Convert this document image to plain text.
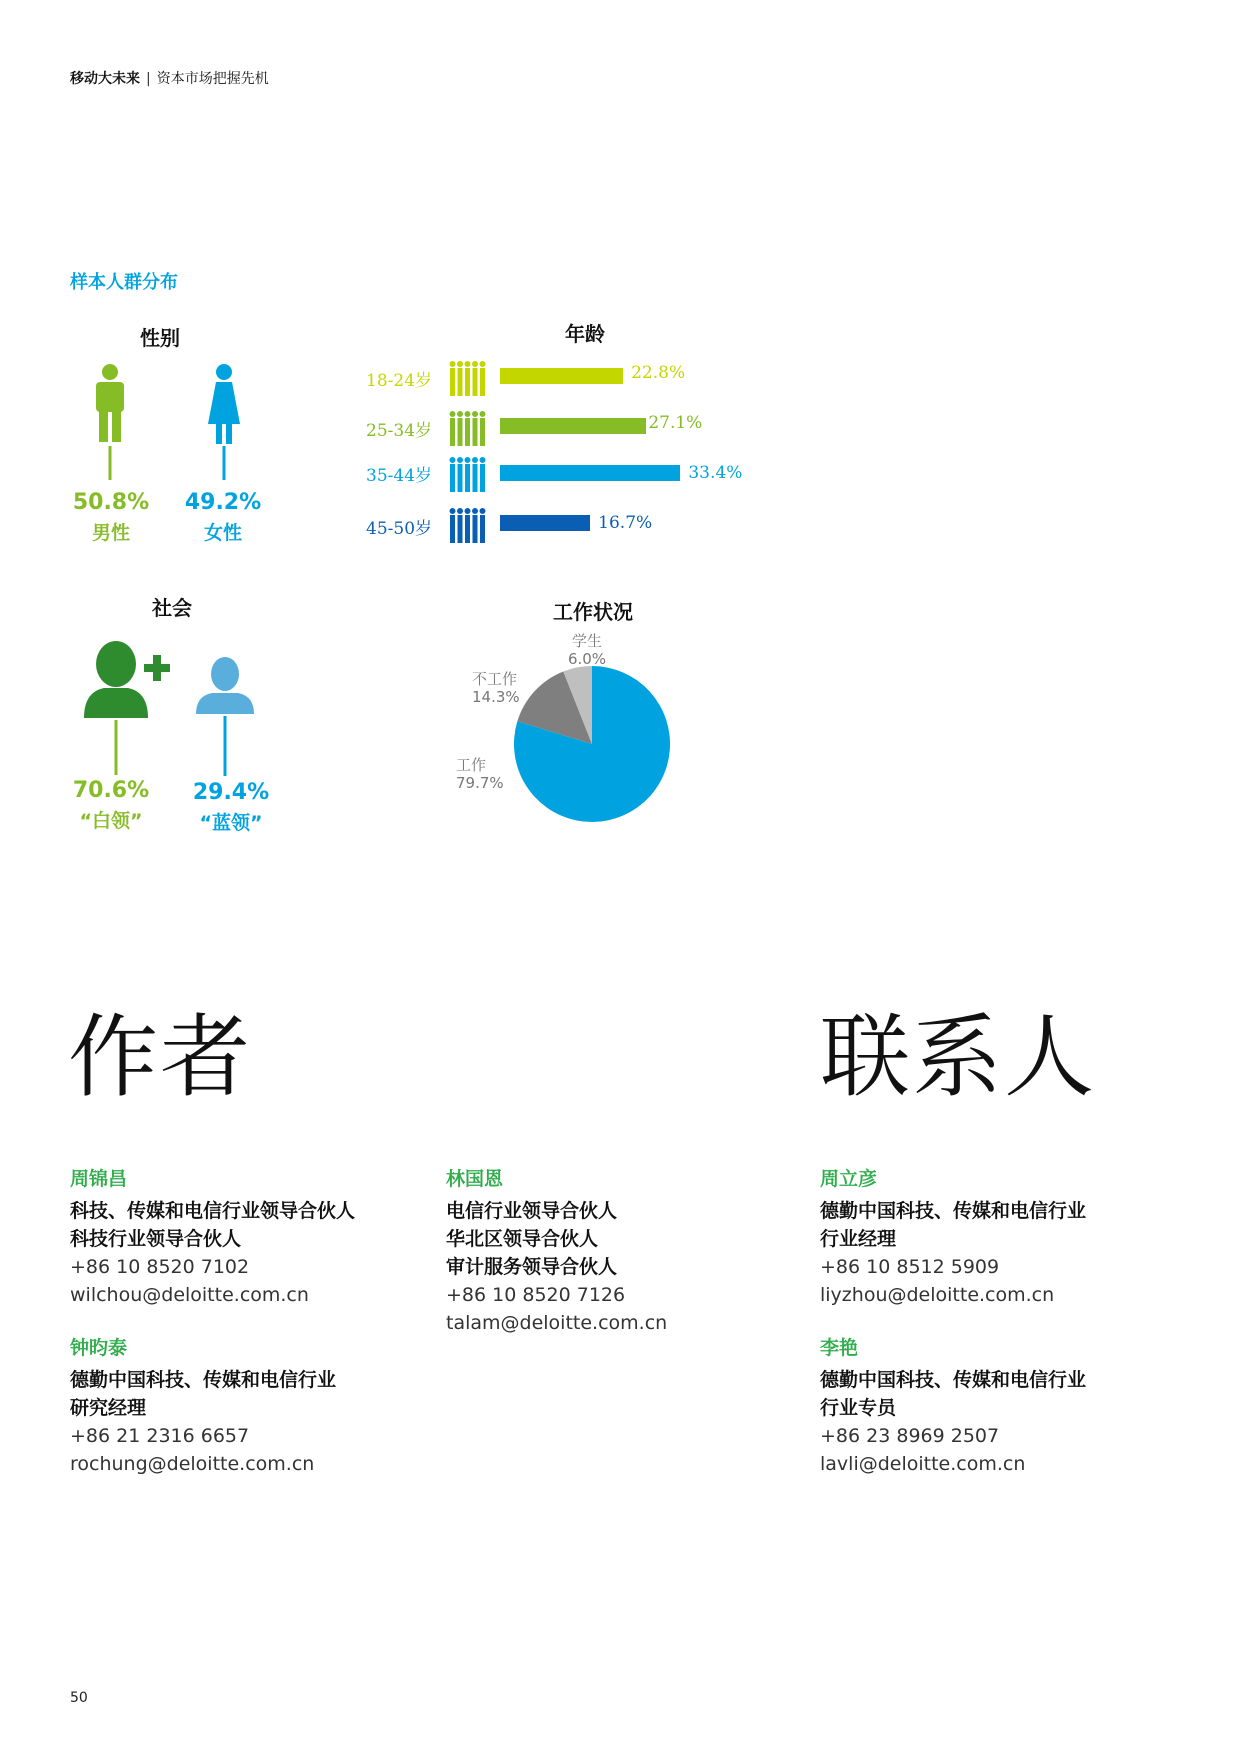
移动大未来 | 资本市场把握先机
样本人群分布
性别
50.8%
男性
49.2%
女性
年龄
18-24岁	22.8%
25-34岁	27.1%
35-44岁	33.4%
45-50岁	16.7%
社会
70.6%
“白领”
29.4%
“蓝领”
工作状况
学生
6.0%
不工作
14.3%
工作
79.7%
作者	联系人
周锦昌
科技、传媒和电信行业领导合伙人
科技行业领导合伙人
+86 10 8520 7102
wilchou@deloitte.com.cn
钟昀泰
德勤中国科技、传媒和电信行业
研究经理
+86 21 2316 6657
rochung@deloitte.com.cn
林国恩
电信行业领导合伙人
华北区领导合伙人
审计服务领导合伙人
+86 10 8520 7126
talam@deloitte.com.cn
周立彦
德勤中国科技、传媒和电信行业
行业经理
+86 10 8512 5909
liyzhou@deloitte.com.cn
李艳
德勤中国科技、传媒和电信行业
行业专员
+86 23 8969 2507
lavli@deloitte.com.cn
50
